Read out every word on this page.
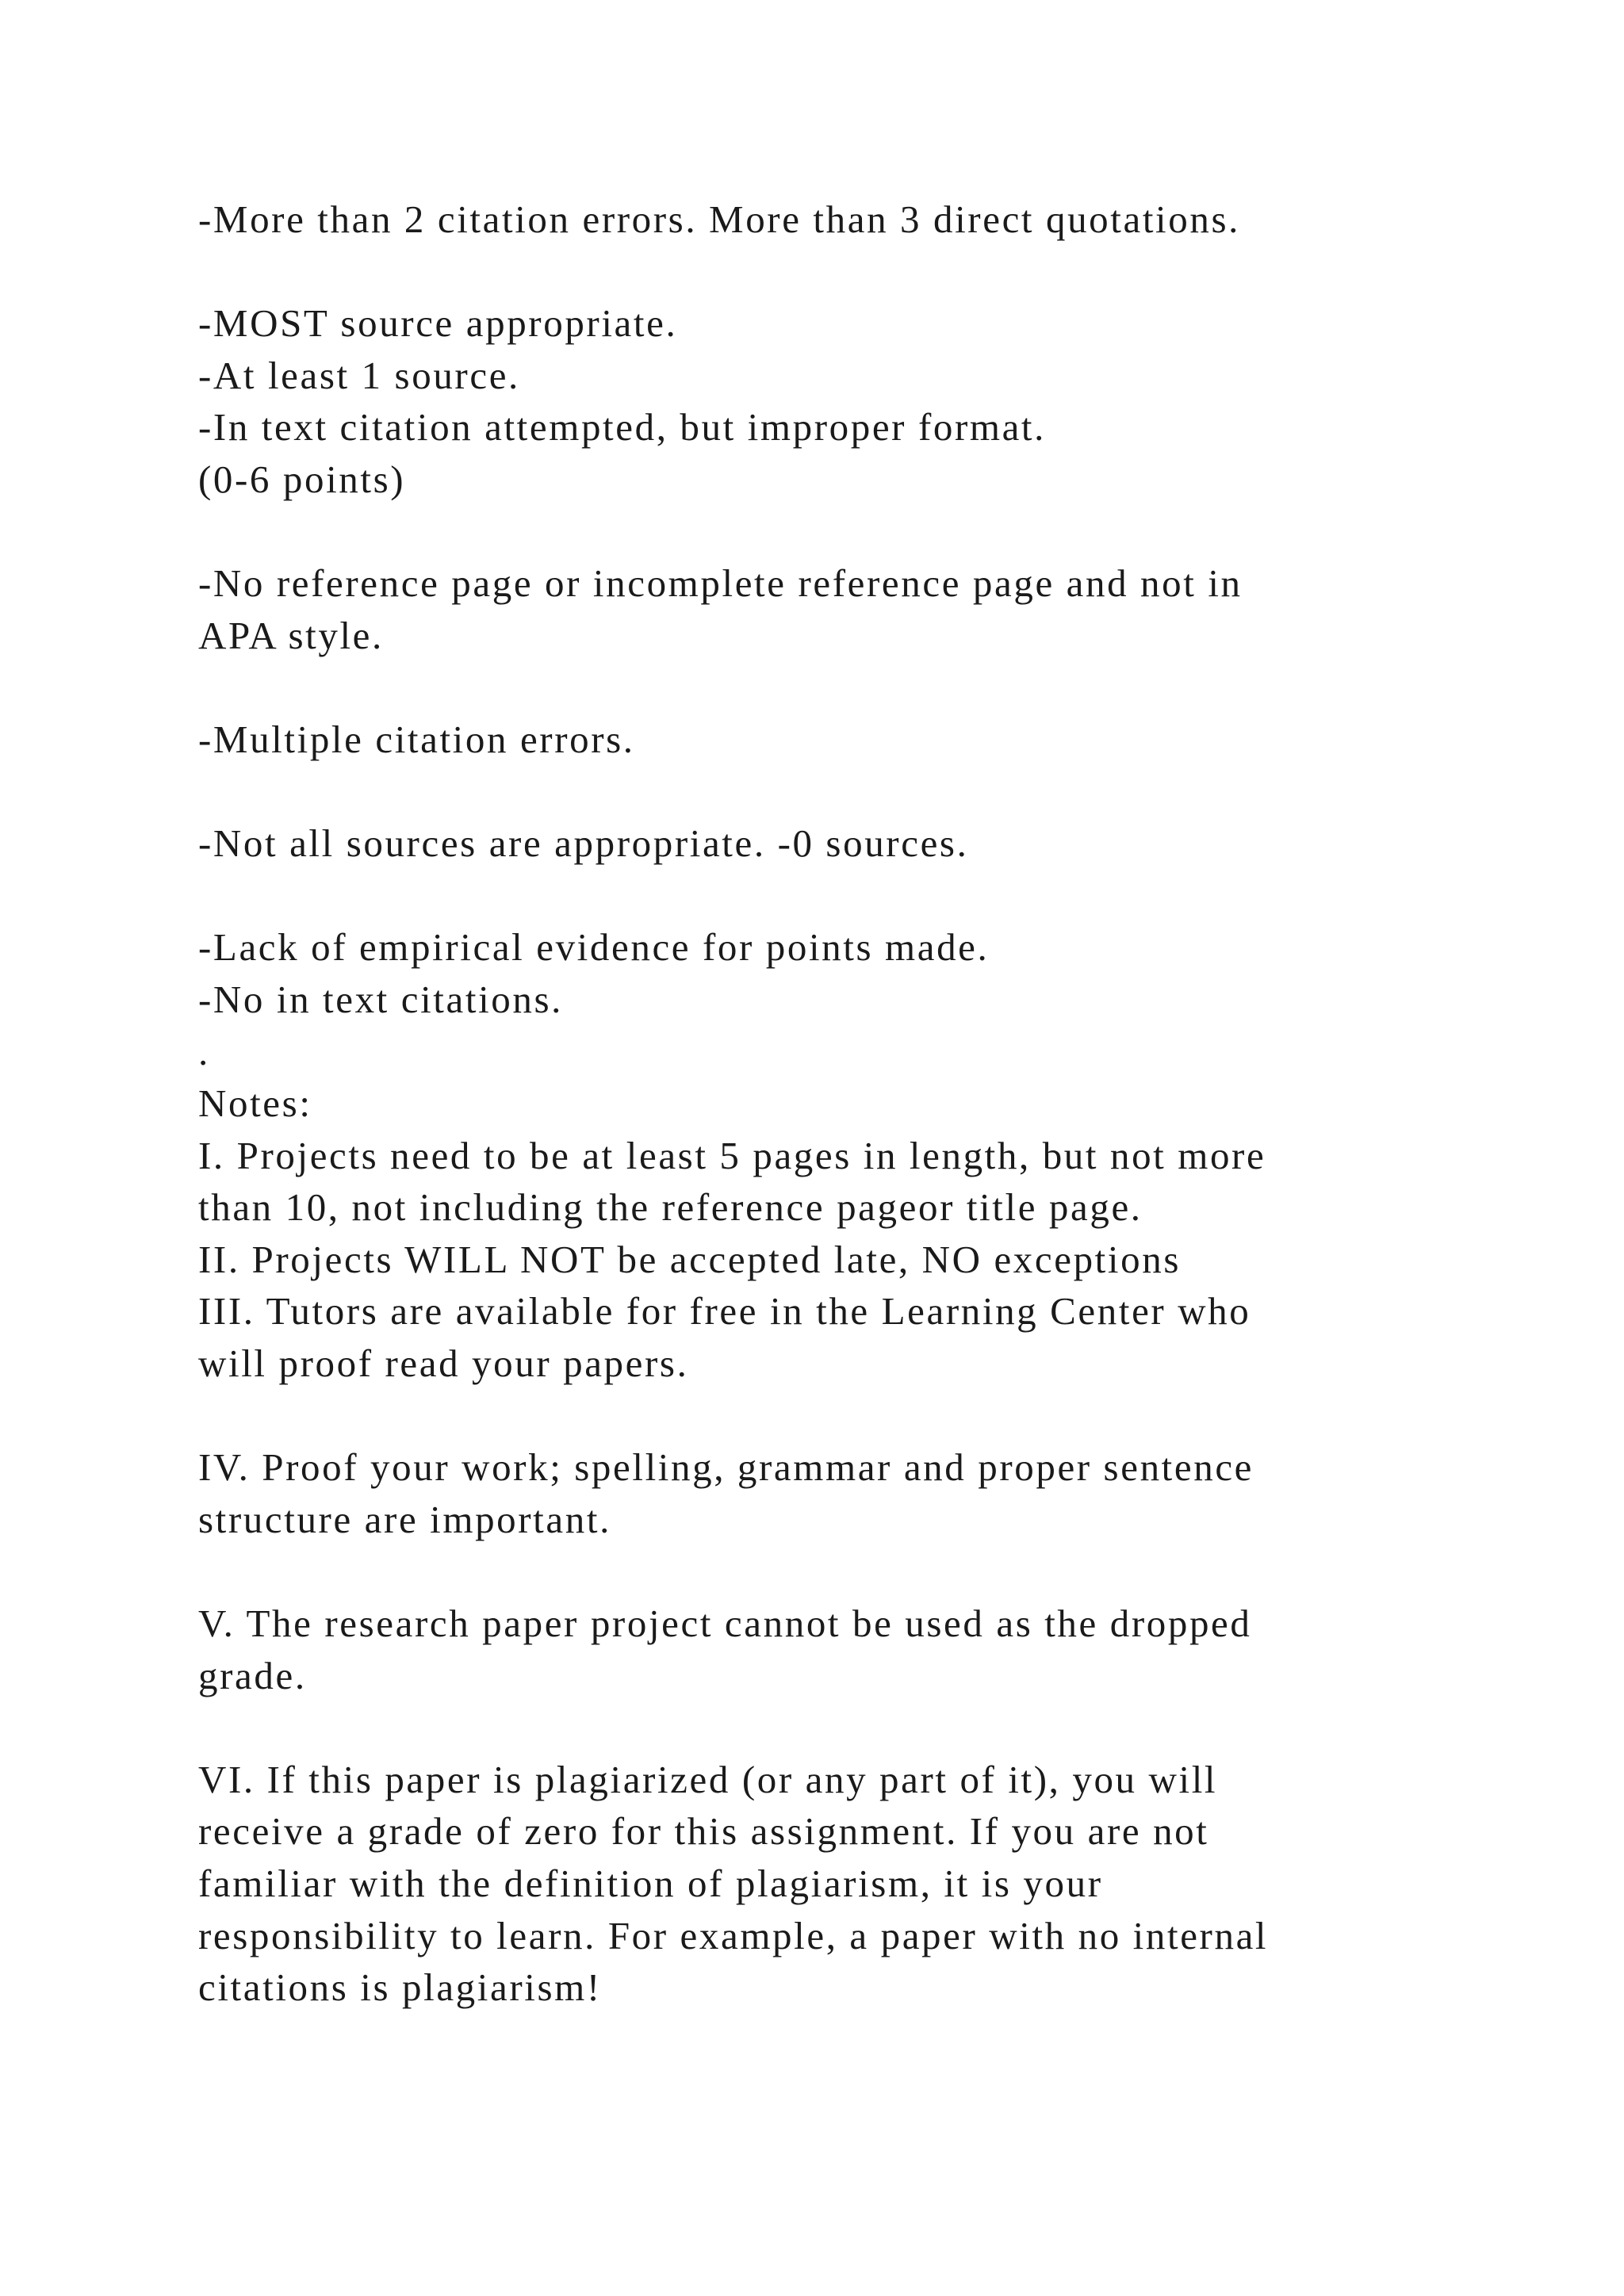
-More than 2 citation errors. More than 3 direct quotations.
-MOST source appropriate.
-At least 1 source.
-In text citation attempted, but improper format.
(0-6 points)
-No reference page or incomplete reference page and not in
APA style.
-Multiple citation errors.
-Not all sources are appropriate. -0 sources.
-Lack of empirical evidence for points made.
-No in text citations.
.
Notes:
I. Projects need to be at least 5 pages in length, but not more
than 10, not including the reference pageor title page.
II. Projects WILL NOT be accepted late, NO exceptions
III. Tutors are available for free in the Learning Center who
will proof read your papers.
IV. Proof your work; spelling, grammar and proper sentence
structure are important.
V. The research paper project cannot be used as the dropped
grade.
VI. If this paper is plagiarized (or any part of it), you will
receive a grade of zero for this assignment. If you are not
familiar with the definition of plagiarism, it is your
responsibility to learn. For example, a paper with no internal
citations is plagiarism!
